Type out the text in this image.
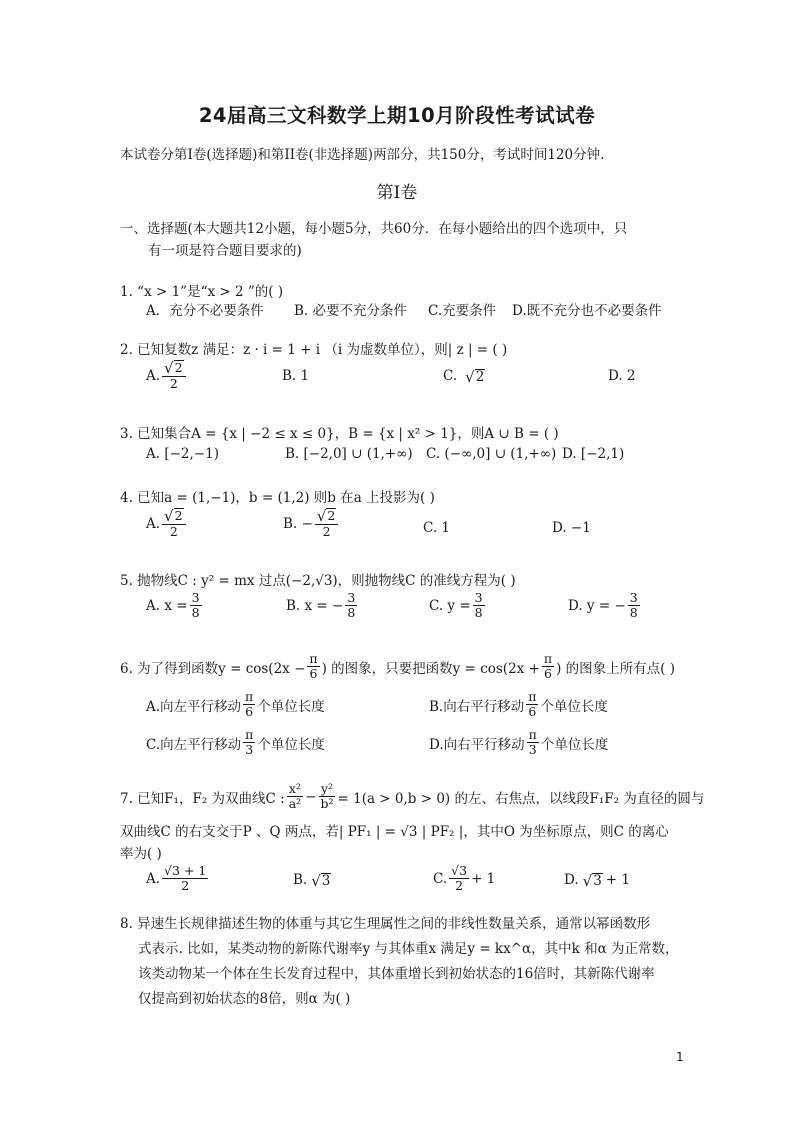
24届高三文科数学上期10月阶段性考试试卷
本试卷分第I卷(选择题)和第II卷(非选择题)两部分，共150分，考试时间120分钟.
第I卷
一、选择题(本大题共12小题，每小题5分，共60分．在每小题给出的四个选项中，只
有一项是符合题目要求的)
1. “x > 1”是“x > 2 ”的( )
A．充分不必要条件 B. 必要不充分条件 C.充要条件 D.既不充分也不必要条件
2. 已知复数z 满足：z · i = 1 + i （i 为虚数单位），则| z | = ( )
A. $\frac{√ 2}{2}$	B. 1	C. √ 2	D. 2
3. 已知集合A = {x | −2 ≤ x ≤ 0}，B = {x | x² > 1}，则A ∪ B = ( )
A. [−2,−1)	B. [−2,0] ∪ (1,+∞) C. (−∞,0] ∪ (1,+∞) D. [−2,1)
4. 已知a = (1,−1)，b = (1,2) 则b 在a 上投影为( )
A. $\frac{√ 2}{2}$	B. − $\frac{√ 2}{2}$	C. 1	D. −1
5. 抛物线C : y² = mx 过点(−2,√3)，则抛物线C 的准线方程为( )
A. $x = \frac{3}{8}$	B. x = − $\frac{3}{8}$	C. $y = \frac{3}{8}$	D. y = − $\frac{3}{8}$
6. 为了得到函数$y = \cos(2x - \frac{\pi}{6}$ ) 的图象，只要把函数$y = \cos(2x + \frac{\pi}{6}$ ) 的图象上所有点( )
A.向左平行移动 $\frac{\pi}{6}$ 个单位长度	B.向右平行移动 $\frac{\pi}{6}$ 个单位长度
C.向左平行移动 $\frac{\pi}{3}$ 个单位长度	D.向右平行移动 $\frac{\pi}{3}$ 个单位长度
7. 已知F₁，F₂ 为双曲线C : $\frac{\text{x²}}{\text{a²}} - \frac{\text{y²}}{\text{b²}} = 1(a > 0,b > 0)$ 的左、右焦点，以线段F₁F₂ 为直径的圆与
双曲线C 的右支交于P 、Q 两点，若| PF₁ | = √3 | PF₂ |，其中O 为坐标原点，则C 的离心
率为( )
A. $\frac{√3 + 1}{2}$	B. √ 3	C. $\frac{√3}{2} + 1$	D. √ 3 + 1
8. 异速生长规律描述生物的体重与其它生理属性之间的非线性数量关系，通常以幂函数形
式表示. 比如，某类动物的新陈代谢率y 与其体重x 满足y = kx^α，其中k 和α 为正常数，
该类动物某一个体在生长发育过程中，其体重增长到初始状态的16倍时，其新陈代谢率
仅提高到初始状态的8倍，则α 为( )
1
